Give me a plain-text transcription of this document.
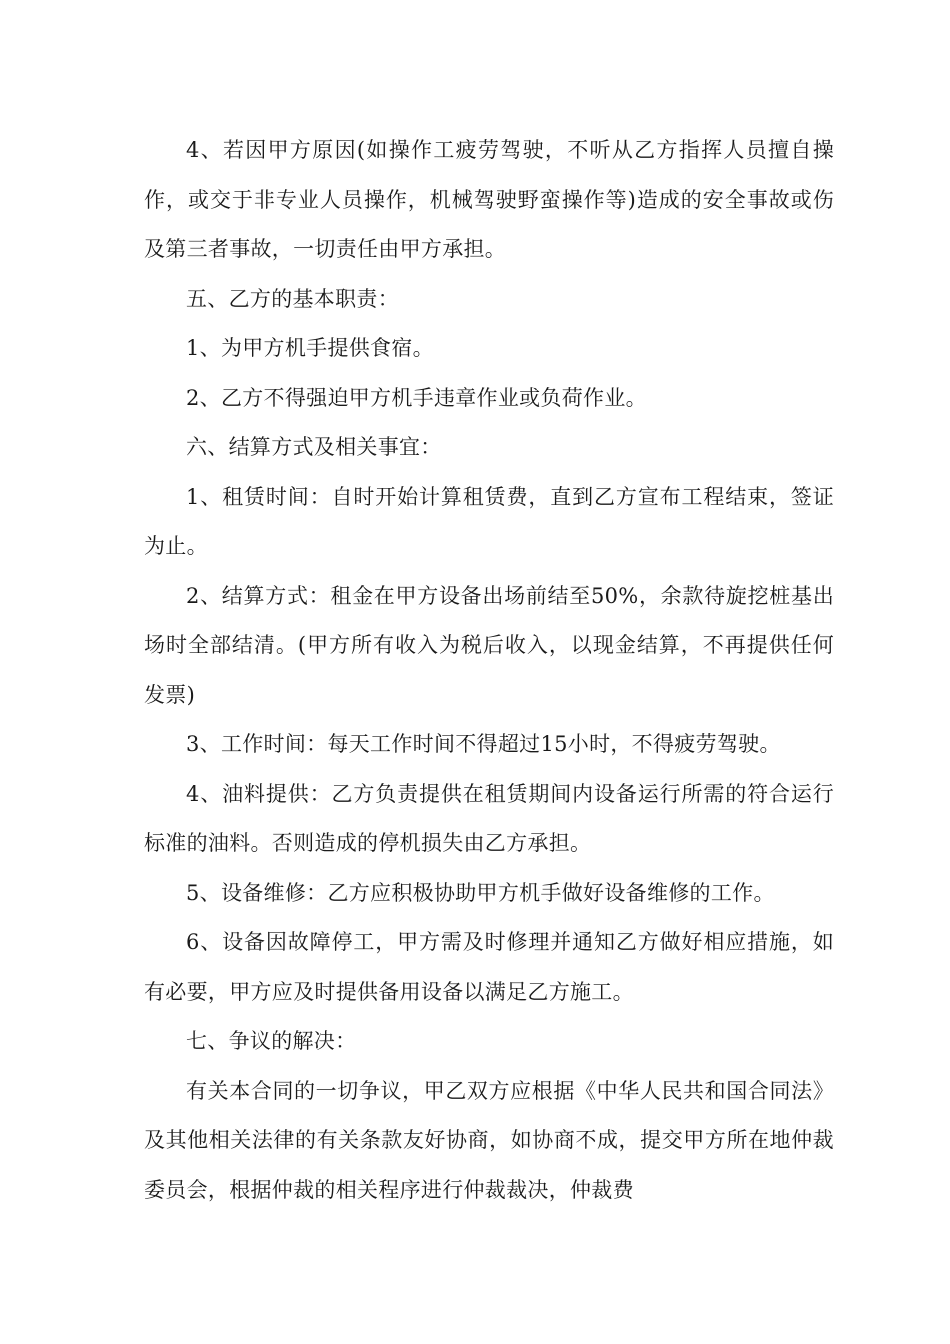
4、若因甲方原因(如操作工疲劳驾驶，不听从乙方指挥人员擅自操作，或交于非专业人员操作，机械驾驶野蛮操作等)造成的安全事故或伤及第三者事故，一切责任由甲方承担。

五、乙方的基本职责：

1、为甲方机手提供食宿。

2、乙方不得强迫甲方机手违章作业或负荷作业。

六、结算方式及相关事宜：

1、租赁时间：自时开始计算租赁费，直到乙方宣布工程结束，签证为止。

2、结算方式：租金在甲方设备出场前结至50%，余款待旋挖桩基出场时全部结清。(甲方所有收入为税后收入，以现金结算，不再提供任何发票)

3、工作时间：每天工作时间不得超过15小时，不得疲劳驾驶。

4、油料提供：乙方负责提供在租赁期间内设备运行所需的符合运行标准的油料。否则造成的停机损失由乙方承担。

5、设备维修：乙方应积极协助甲方机手做好设备维修的工作。

6、设备因故障停工，甲方需及时修理并通知乙方做好相应措施，如有必要，甲方应及时提供备用设备以满足乙方施工。

七、争议的解决：

有关本合同的一切争议，甲乙双方应根据《中华人民共和国合同法》及其他相关法律的有关条款友好协商，如协商不成，提交甲方所在地仲裁委员会，根据仲裁的相关程序进行仲裁裁决，仲裁费
